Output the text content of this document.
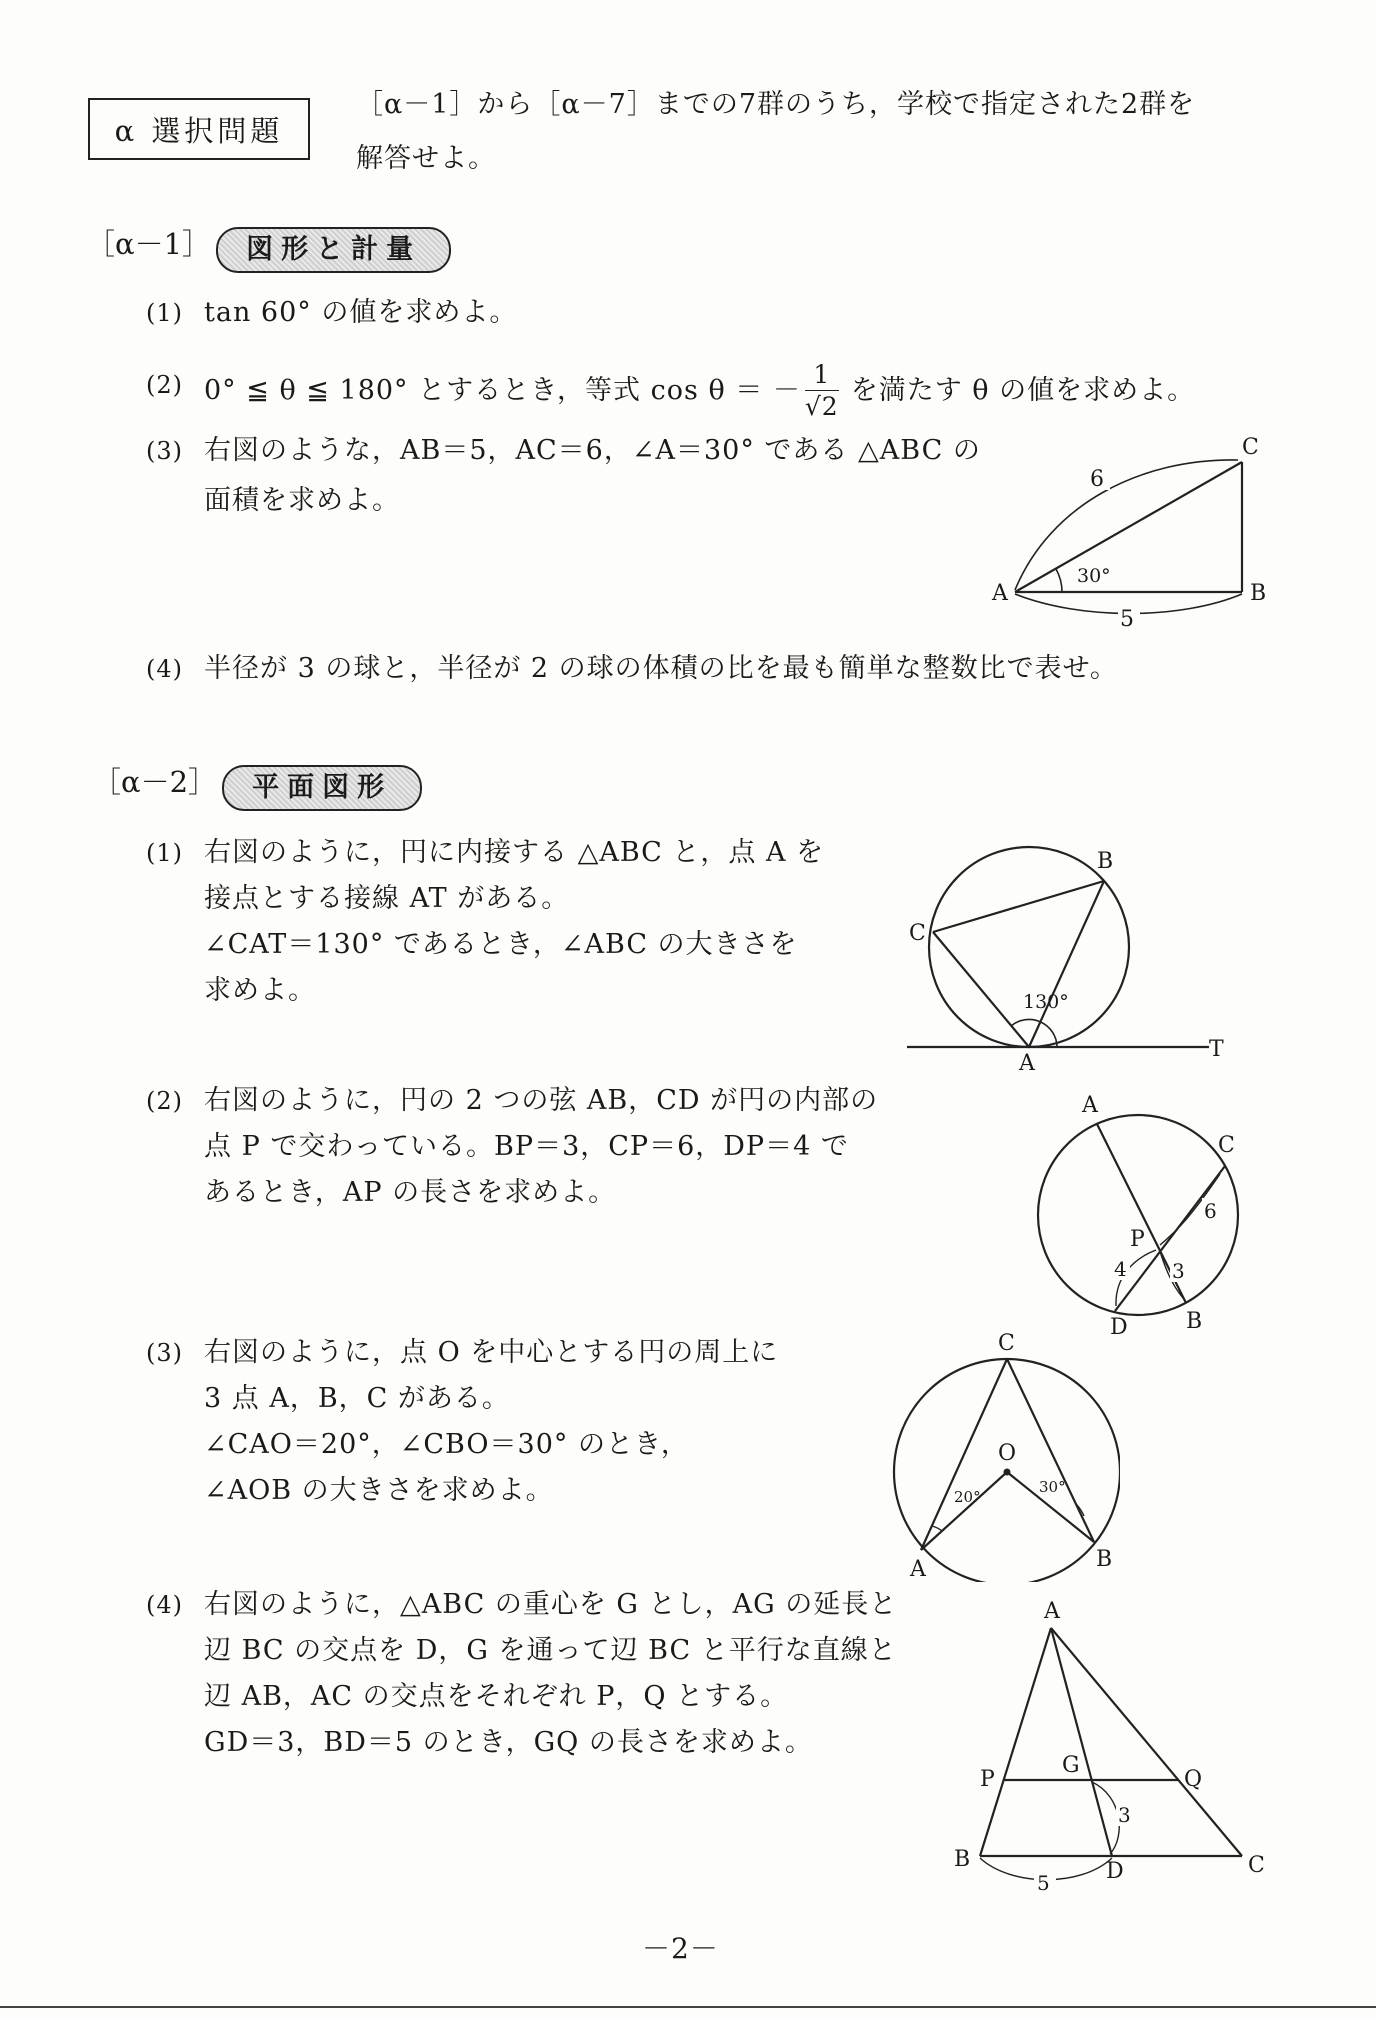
α 選択問題
［α－1］から［α－7］までの7群のうち，学校で指定された2群を
解答せよ。
［α－1］ 図形と計量
(1) tan 60° の値を求めよ。
(2) 0° ≦ θ ≦ 180° とするとき，等式 cos θ ＝ － $\frac{1}{√2}$ を満たす θ の値を求めよ。
(3) 右図のような，AB＝5，AC＝6，∠A＝30° である △ABC の
面積を求めよ。
A	B
C
6
5
30°
(4) 半径が 3 の球と，半径が 2 の球の体積の比を最も簡単な整数比で表せ。
［α－2］ 平面図形
(1) 右図のように，円に内接する △ABC と，点 A を
接点とする接線 AT がある。
∠CAT＝130° であるとき，∠ABC の大きさを
求めよ。
A
B
C
T
130°
(2) 右図のように，円の 2 つの弦 AB，CD が円の内部の
点 P で交わっている。BP＝3，CP＝6，DP＝4 で
あるとき，AP の長さを求めよ。
A
B
C
D
P
6
4 3
(3) 右図のように，点 O を中心とする円の周上に
3 点 A，B，C がある。
∠CAO＝20°，∠CBO＝30° のとき，
∠AOB の大きさを求めよ。
C
A	B
O
20°
30°
(4) 右図のように，△ABC の重心を G とし，AG の延長と
辺 BC の交点を D，G を通って辺 BC と平行な直線と
辺 AB，AC の交点をそれぞれ P，Q とする。
GD＝3，BD＝5 のとき，GQ の長さを求めよ。
A
B	C
D
G
P	Q
3
5
－2－
